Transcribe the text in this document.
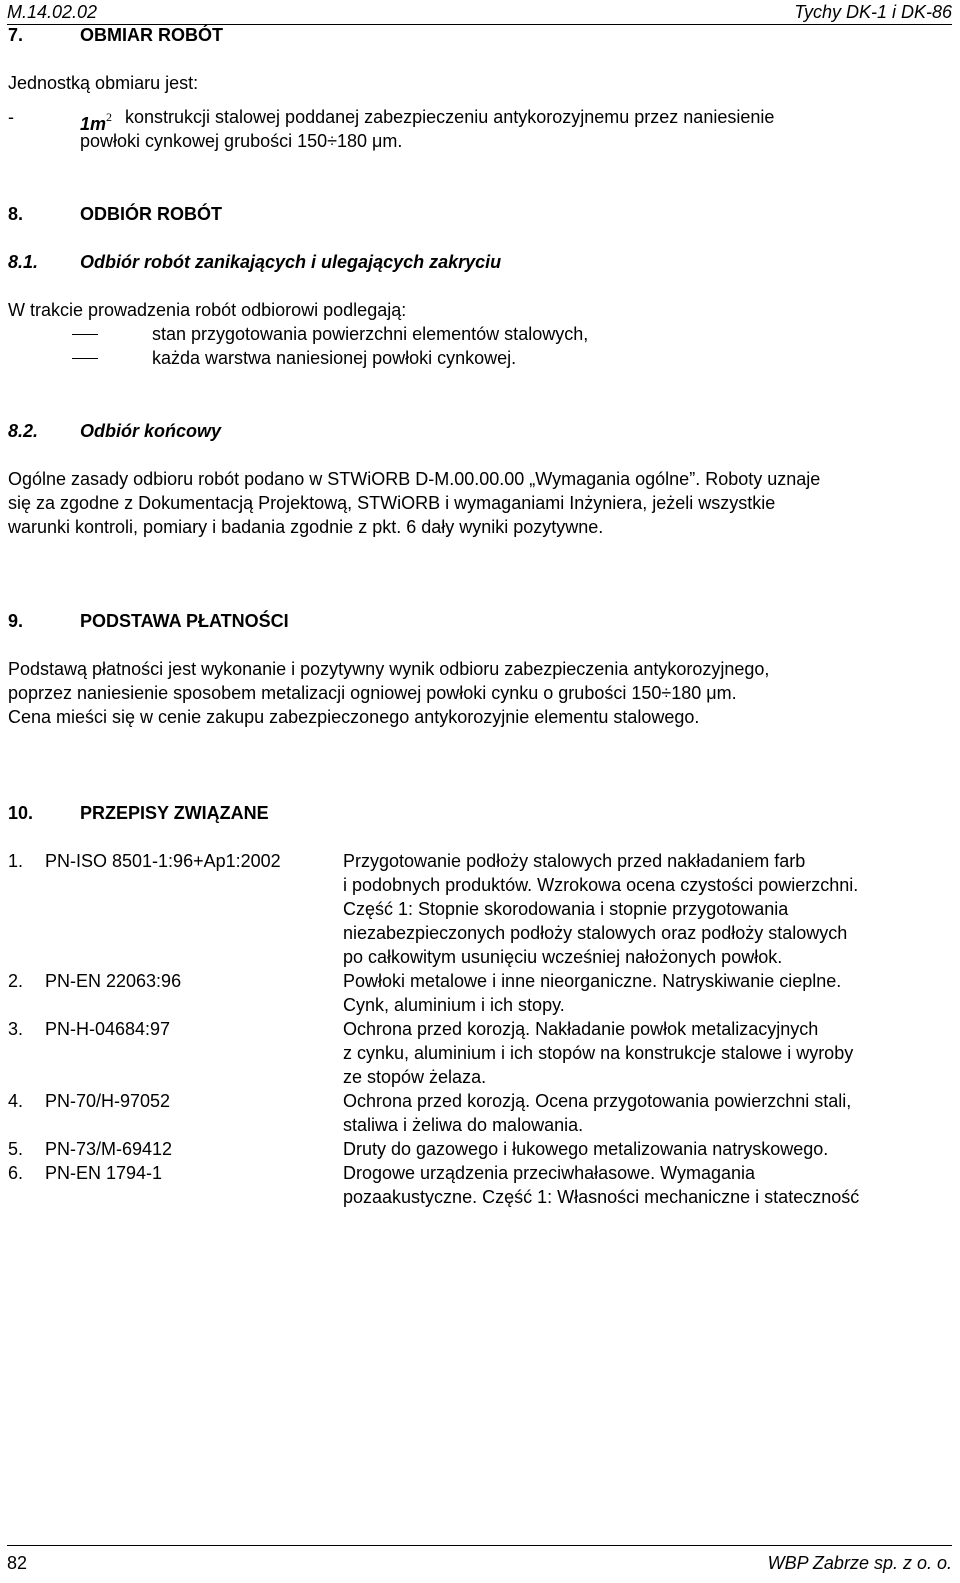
M.14.02.02	Tychy DK-1 i DK-86
7.	OBMIAR ROBÓT
Jednostką obmiaru jest:
-	$1m^2$ konstrukcji stalowej poddanej zabezpieczeniu antykorozyjnemu przez naniesienie
powłoki cynkowej grubości 150÷180 μm.
8.	ODBIÓR ROBÓT
8.1. Odbiór robót zanikających i ulegających zakryciu
W trakcie prowadzenia robót odbiorowi podlegają:
stan przygotowania powierzchni elementów stalowych,
każda warstwa naniesionej powłoki cynkowej.
8.2. Odbiór końcowy
Ogólne zasady odbioru robót podano w STWiORB D-M.00.00.00 „Wymagania ogólne”. Roboty uznaje
się za zgodne z Dokumentacją Projektową, STWiORB i wymaganiami Inżyniera, jeżeli wszystkie
warunki kontroli, pomiary i badania zgodnie z pkt. 6 dały wyniki pozytywne.
9.	PODSTAWA PŁATNOŚCI
Podstawą płatności jest wykonanie i pozytywny wynik odbioru zabezpieczenia antykorozyjnego,
poprzez naniesienie sposobem metalizacji ogniowej powłoki cynku o grubości 150÷180 μm.
Cena mieści się w cenie zakupu zabezpieczonego antykorozyjnie elementu stalowego.
10.	PRZEPISY ZWIĄZANE
1.	PN-ISO 8501-1:96+Ap1:2002	Przygotowanie podłoży stalowych przed nakładaniem farb
i podobnych produktów. Wzrokowa ocena czystości powierzchni.
Część 1: Stopnie skorodowania i stopnie przygotowania
niezabezpieczonych podłoży stalowych oraz podłoży stalowych
po całkowitym usunięciu wcześniej nałożonych powłok.
2.	PN-EN 22063:96	Powłoki metalowe i inne nieorganiczne. Natryskiwanie cieplne.
Cynk, aluminium i ich stopy.
3.	PN-H-04684:97	Ochrona przed korozją. Nakładanie powłok metalizacyjnych
z cynku, aluminium i ich stopów na konstrukcje stalowe i wyroby
ze stopów żelaza.
4.	PN-70/H-97052	Ochrona przed korozją. Ocena przygotowania powierzchni stali,
staliwa i żeliwa do malowania.
5.	PN-73/M-69412	Druty do gazowego i łukowego metalizowania natryskowego.
6.	PN-EN 1794-1	Drogowe urządzenia przeciwhałasowe. Wymagania
pozaakustyczne. Część 1: Własności mechaniczne i stateczność
82	WBP Zabrze sp. z o. o.
